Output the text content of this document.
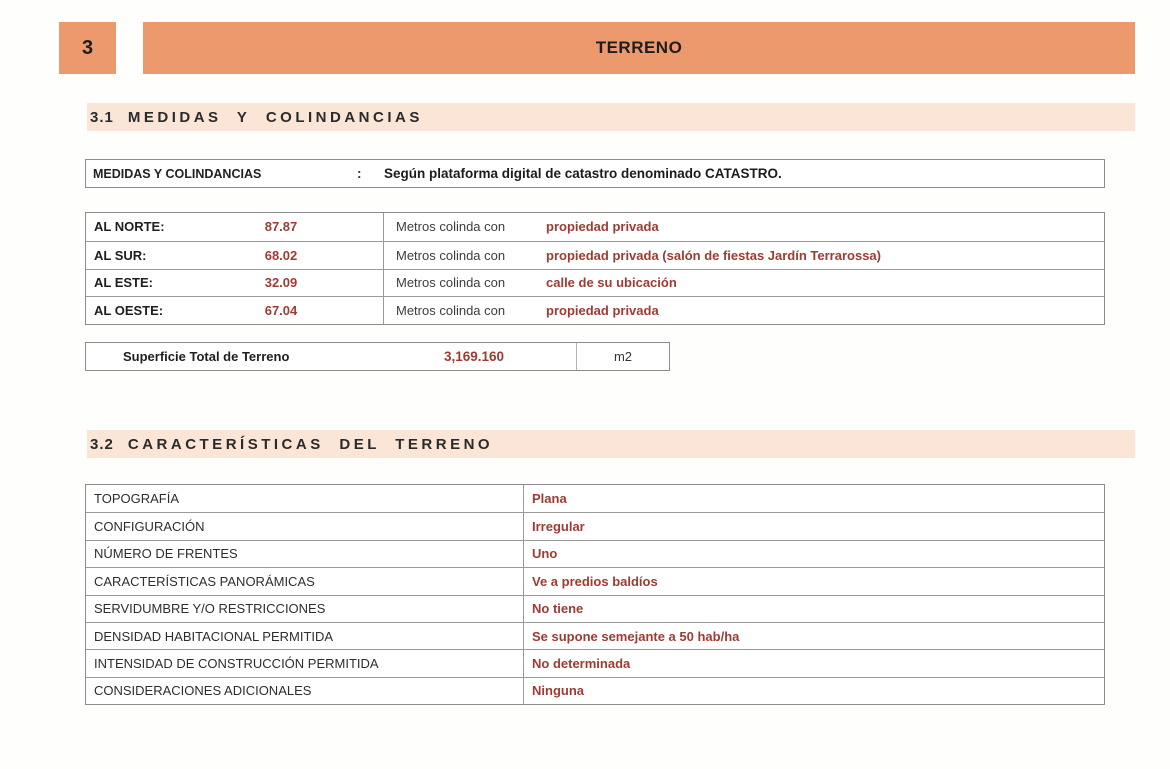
3	TERRENO
3.1 MEDIDAS Y COLINDANCIAS
MEDIDAS Y COLINDANCIAS	:	Según plataforma digital de catastro denominado CATASTRO.
AL NORTE:	87.87	Metros colinda con	propiedad privada
AL SUR:	68.02	Metros colinda con	propiedad privada (salón de fiestas Jardín Terrarossa)
AL ESTE:	32.09	Metros colinda con	calle de su ubicación
AL OESTE:	67.04	Metros colinda con	propiedad privada
Superficie Total de Terreno	3,169.160	m2
3.2 CARACTERÍSTICAS DEL TERRENO
TOPOGRAFÍA	Plana
CONFIGURACIÓN	Irregular
NÚMERO DE FRENTES	Uno
CARACTERÍSTICAS PANORÁMICAS	Ve a predios baldíos
SERVIDUMBRE Y/O RESTRICCIONES	No tiene
DENSIDAD HABITACIONAL PERMITIDA	Se supone semejante a 50 hab/ha
INTENSIDAD DE CONSTRUCCIÓN PERMITIDA	No determinada
CONSIDERACIONES ADICIONALES	Ninguna
